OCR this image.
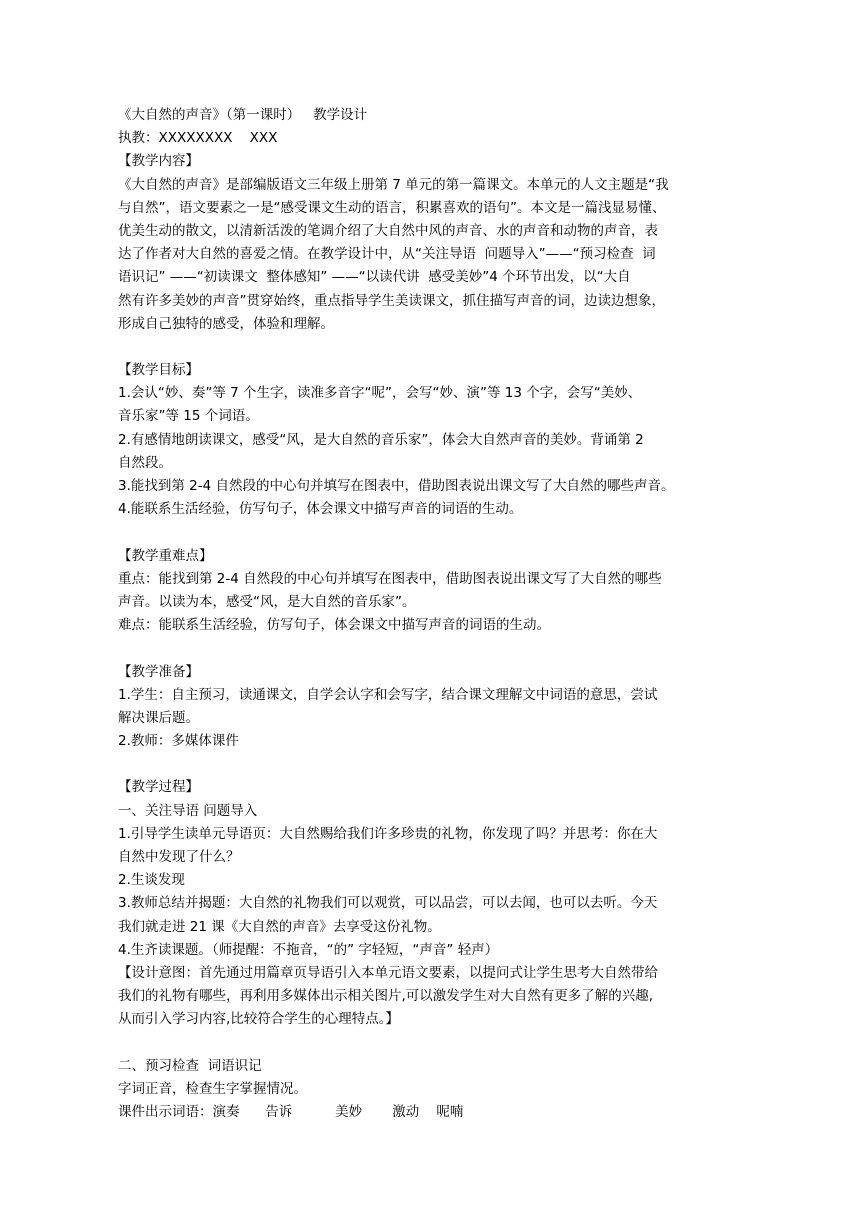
《大自然的声音》（第一课时）   教学设计
执教：XXXXXXXX    XXX
【教学内容】
《大自然的声音》是部编版语文三年级上册第 7 单元的第一篇课文。本单元的人文主题是“我
与自然”，语文要素之一是“感受课文生动的语言，积累喜欢的语句”。本文是一篇浅显易懂、
优美生动的散文，以清新活泼的笔调介绍了大自然中风的声音、水的声音和动物的声音，表
达了作者对大自然的喜爱之情。在教学设计中，从“关注导语  问题导入”——“预习检查  词
语识记” ——“初读课文  整体感知” ——“以读代讲  感受美妙”4 个环节出发，以“大自
然有许多美妙的声音”贯穿始终，重点指导学生美读课文，抓住描写声音的词，边读边想象，
形成自己独特的感受，体验和理解。
【教学目标】
1.会认“妙、奏”等 7 个生字，读准多音字“呢”，会写“妙、演”等 13 个字，会写“美妙、
音乐家”等 15 个词语。
2.有感情地朗读课文，感受“风，是大自然的音乐家”，体会大自然声音的美妙。背诵第 2
自然段。
3.能找到第 2-4 自然段的中心句并填写在图表中，借助图表说出课文写了大自然的哪些声音。
4.能联系生活经验，仿写句子，体会课文中描写声音的词语的生动。
【教学重难点】
重点：能找到第 2-4 自然段的中心句并填写在图表中，借助图表说出课文写了大自然的哪些
声音。以读为本，感受“风，是大自然的音乐家”。
难点：能联系生活经验，仿写句子，体会课文中描写声音的词语的生动。
【教学准备】
1.学生：自主预习，读通课文，自学会认字和会写字，结合课文理解文中词语的意思，尝试
解决课后题。
2.教师：多媒体课件
【教学过程】
一、关注导语 问题导入
1.引导学生读单元导语页：大自然赐给我们许多珍贵的礼物，你发现了吗？并思考：你在大
自然中发现了什么？
2.生谈发现
3.教师总结并揭题：大自然的礼物我们可以观赏，可以品尝，可以去闻，也可以去听。今天
我们就走进 21 课《大自然的声音》去享受这份礼物。
4.生齐读课题。（师提醒：不拖音，“的” 字轻短，“声音” 轻声）
【设计意图：首先通过用篇章页导语引入本单元语文要素，以提问式让学生思考大自然带给
我们的礼物有哪些，再利用多媒体出示相关图片,可以激发学生对大自然有更多了解的兴趣,
从而引入学习内容,比较符合学生的心理特点。】
二、预习检查  词语识记
字词正音，检查生字掌握情况。
课件出示词语：演奏      告诉          美妙       激动    呢喃
